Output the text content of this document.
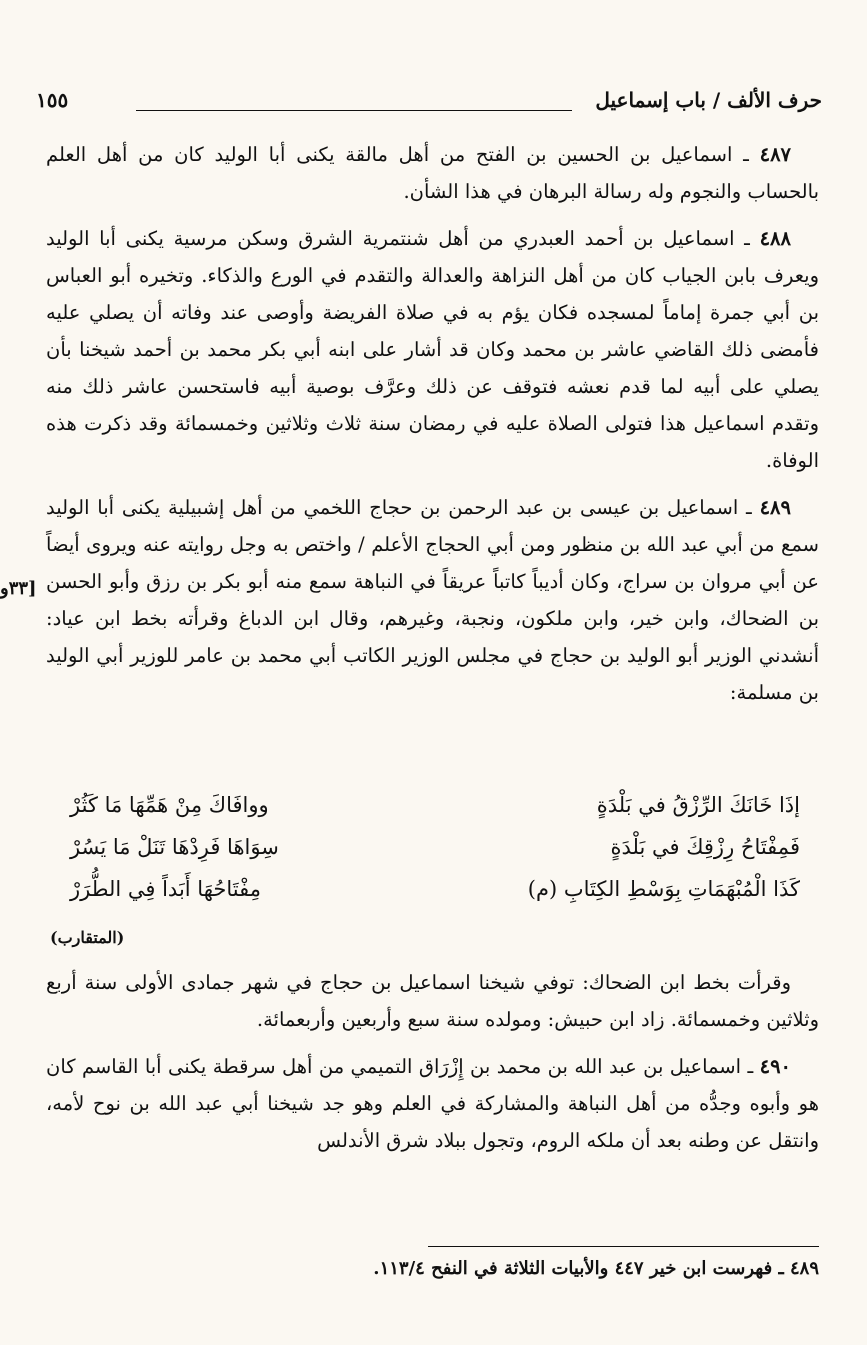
حرف الألف / باب إسماعيل
١٥٥

٤٨٧ ـ اسماعيل بن الحسين بن الفتح من أهل مالقة يكنى أبا الوليد كان من أهل العلم بالحساب والنجوم وله رسالة البرهان في هذا الشأن.

٤٨٨ ـ اسماعيل بن أحمد العبدري من أهل شنتمرية الشرق وسكن مرسية يكنى أبا الوليد ويعرف بابن الجياب كان من أهل النزاهة والعدالة والتقدم في الورع والذكاء. وتخيره أبو العباس بن أبي جمرة إماماً لمسجده فكان يؤم به في صلاة الفريضة وأوصى عند وفاته أن يصلي عليه فأمضى ذلك القاضي عاشر بن محمد وكان قد أشار على ابنه أبي بكر محمد بن أحمد شيخنا بأن يصلي على أبيه لما قدم نعشه فتوقف عن ذلك وعرَّف بوصية أبيه فاستحسن عاشر ذلك منه وتقدم اسماعيل هذا فتولى الصلاة عليه في رمضان سنة ثلاث وثلاثين وخمسمائة وقد ذكرت هذه الوفاة.

٤٨٩ ـ اسماعيل بن عيسى بن عبد الرحمن بن حجاج اللخمي من أهل إشبيلية يكنى أبا الوليد سمع من أبي عبد الله بن منظور ومن أبي الحجاج الأعلم / واختص به وجل روايته عنه ويروى أيضاً عن أبي مروان بن سراج، وكان أديباً كاتباً عريقاً في النباهة سمع منه أبو بكر بن رزق وأبو الحسن بن الضحاك، وابن خير، وابن ملكون، ونجبة، وغيرهم، وقال ابن الدباغ وقرأته بخط ابن عياد: أنشدني الوزير أبو الوليد بن حجاج في مجلس الوزير الكاتب أبي محمد بن عامر للوزير أبي الوليد بن مسلمة:

[٣٣و
إذَا خَانَكَ الرِّزْقُ في بَلْدَةٍ
ووافَاكَ مِنْ هَمِّهَا مَا كَثُرْ
فَمِفْتَاحُ رِزْقِكَ في بَلْدَةٍ
سِوَاهَا فَرِدْهَا تَنَلْ مَا يَسُرْ
كَذَا الْمُبْهَمَاتِ بِوَسْطِ الكِتَابِ (م)
مِفْتَاحُهَا أَبَداً فِي الطُّرَرْ
(المتقارب)

وقرأت بخط ابن الضحاك: توفي شيخنا اسماعيل بن حجاج في شهر جمادى الأولى سنة أربع وثلاثين وخمسمائة. زاد ابن حبيش: ومولده سنة سبع وأربعين وأربعمائة.

٤٩٠ ـ اسماعيل بن عبد الله بن محمد بن إِزْرَاق التميمي من أهل سرقطة يكنى أبا القاسم كان هو وأبوه وجدُّه من أهل النباهة والمشاركة في العلم وهو جد شيخنا أبي عبد الله بن نوح لأمه، وانتقل عن وطنه بعد أن ملكه الروم، وتجول ببلاد شرق الأندلس

٤٨٩ ـ فهرست ابن خير ٤٤٧ والأبيات الثلاثة في النفح ١١٣/٤.
